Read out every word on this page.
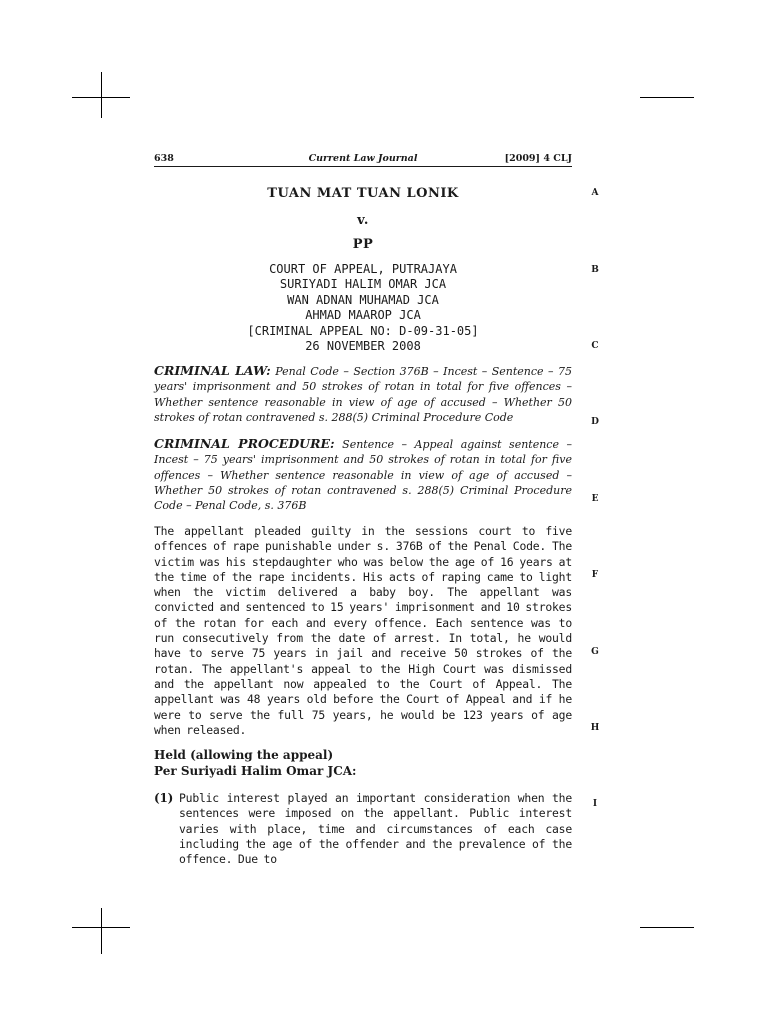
638	Current Law Journal	[2009] 4 CLJ
A
B
C
D
E
F
G
H
I
TUAN MAT TUAN LONIK
v.
PP
COURT OF APPEAL, PUTRAJAYA
SURIYADI HALIM OMAR JCA
WAN ADNAN MUHAMAD JCA
AHMAD MAAROP JCA
[CRIMINAL APPEAL NO: D-09-31-05]
26 NOVEMBER 2008
CRIMINAL LAW: Penal Code – Section 376B – Incest – Sentence – 75 years' imprisonment and 50 strokes of rotan in total for five offences – Whether sentence reasonable in view of age of accused – Whether 50 strokes of rotan contravened s. 288(5) Criminal Procedure Code
CRIMINAL PROCEDURE: Sentence – Appeal against sentence – Incest – 75 years' imprisonment and 50 strokes of rotan in total for five offences – Whether sentence reasonable in view of age of accused – Whether 50 strokes of rotan contravened s. 288(5) Criminal Procedure Code – Penal Code, s. 376B
The appellant pleaded guilty in the sessions court to five offences of rape punishable under s. 376B of the Penal Code. The victim was his stepdaughter who was below the age of 16 years at the time of the rape incidents. His acts of raping came to light when the victim delivered a baby boy. The appellant was convicted and sentenced to 15 years' imprisonment and 10 strokes of the rotan for each and every offence. Each sentence was to run consecutively from the date of arrest. In total, he would have to serve 75 years in jail and receive 50 strokes of the rotan. The appellant's appeal to the High Court was dismissed and the appellant now appealed to the Court of Appeal. The appellant was 48 years old before the Court of Appeal and if he were to serve the full 75 years, he would be 123 years of age when released.
Held (allowing the appeal)
Per Suriyadi Halim Omar JCA:
(1) Public interest played an important consideration when the sentences were imposed on the appellant. Public interest varies with place, time and circumstances of each case including the age of the offender and the prevalence of the offence. Due to
